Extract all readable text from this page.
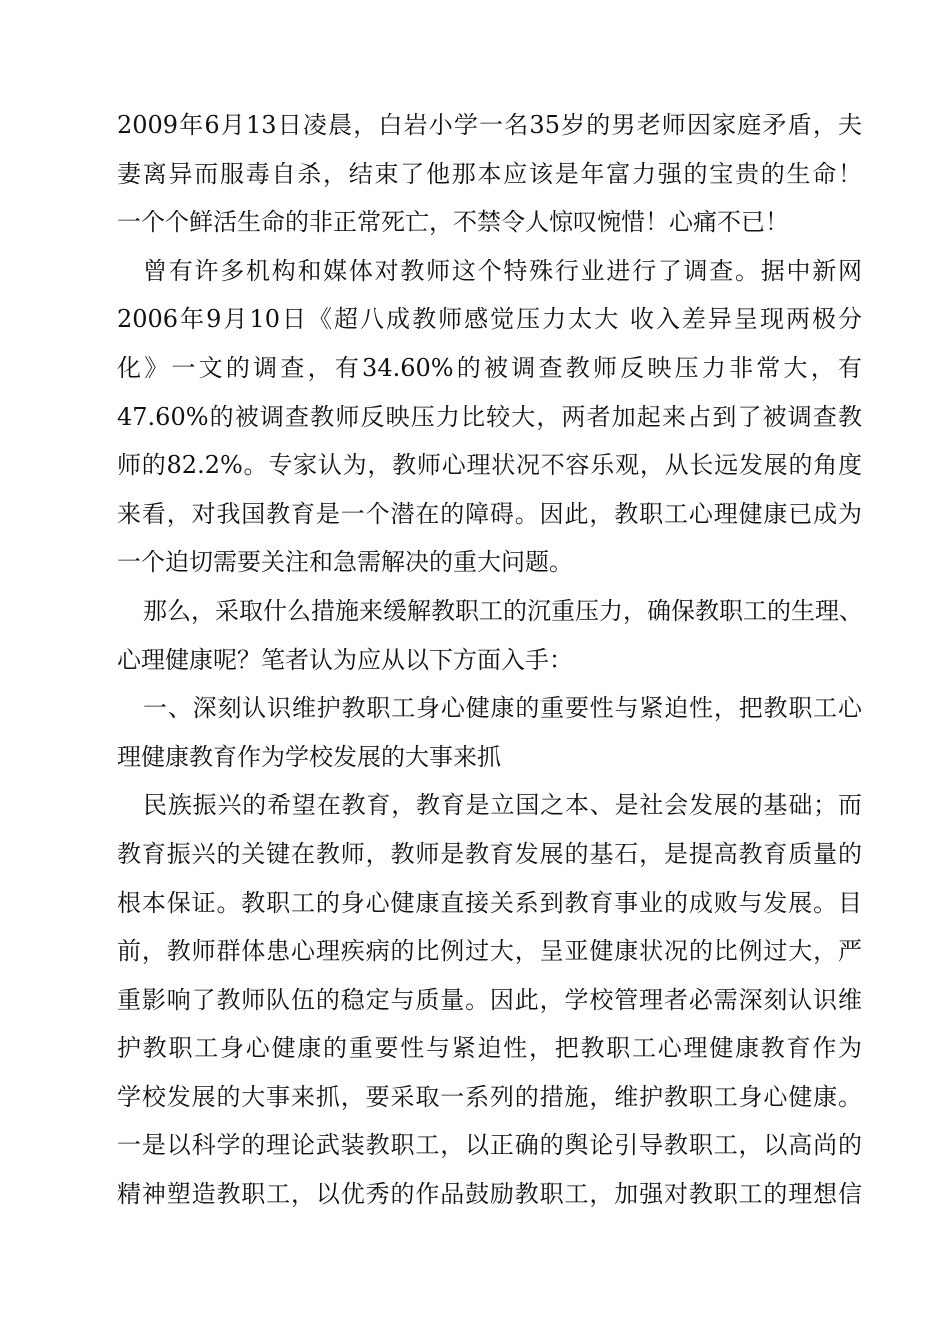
2009年6月13日凌晨，白岩小学一名35岁的男老师因家庭矛盾，夫
妻离异而服毒自杀，结束了他那本应该是年富力强的宝贵的生命！
一个个鲜活生命的非正常死亡，不禁令人惊叹惋惜！心痛不已！
曾有许多机构和媒体对教师这个特殊行业进行了调查。据中新网
2006年9月10日《超八成教师感觉压力太大 收入差异呈现两极分
化》一文的调查，有34.60%的被调查教师反映压力非常大，有
47.60%的被调查教师反映压力比较大，两者加起来占到了被调查教
师的82.2%。专家认为，教师心理状况不容乐观，从长远发展的角度
来看，对我国教育是一个潜在的障碍。因此，教职工心理健康已成为
一个迫切需要关注和急需解决的重大问题。
那么，采取什么措施来缓解教职工的沉重压力，确保教职工的生理、
心理健康呢？笔者认为应从以下方面入手：
一、深刻认识维护教职工身心健康的重要性与紧迫性，把教职工心
理健康教育作为学校发展的大事来抓
民族振兴的希望在教育，教育是立国之本、是社会发展的基础；而
教育振兴的关键在教师，教师是教育发展的基石，是提高教育质量的
根本保证。教职工的身心健康直接关系到教育事业的成败与发展。目
前，教师群体患心理疾病的比例过大，呈亚健康状况的比例过大，严
重影响了教师队伍的稳定与质量。因此，学校管理者必需深刻认识维
护教职工身心健康的重要性与紧迫性，把教职工心理健康教育作为
学校发展的大事来抓，要采取一系列的措施，维护教职工身心健康。
一是以科学的理论武装教职工，以正确的舆论引导教职工，以高尚的
精神塑造教职工，以优秀的作品鼓励教职工，加强对教职工的理想信
